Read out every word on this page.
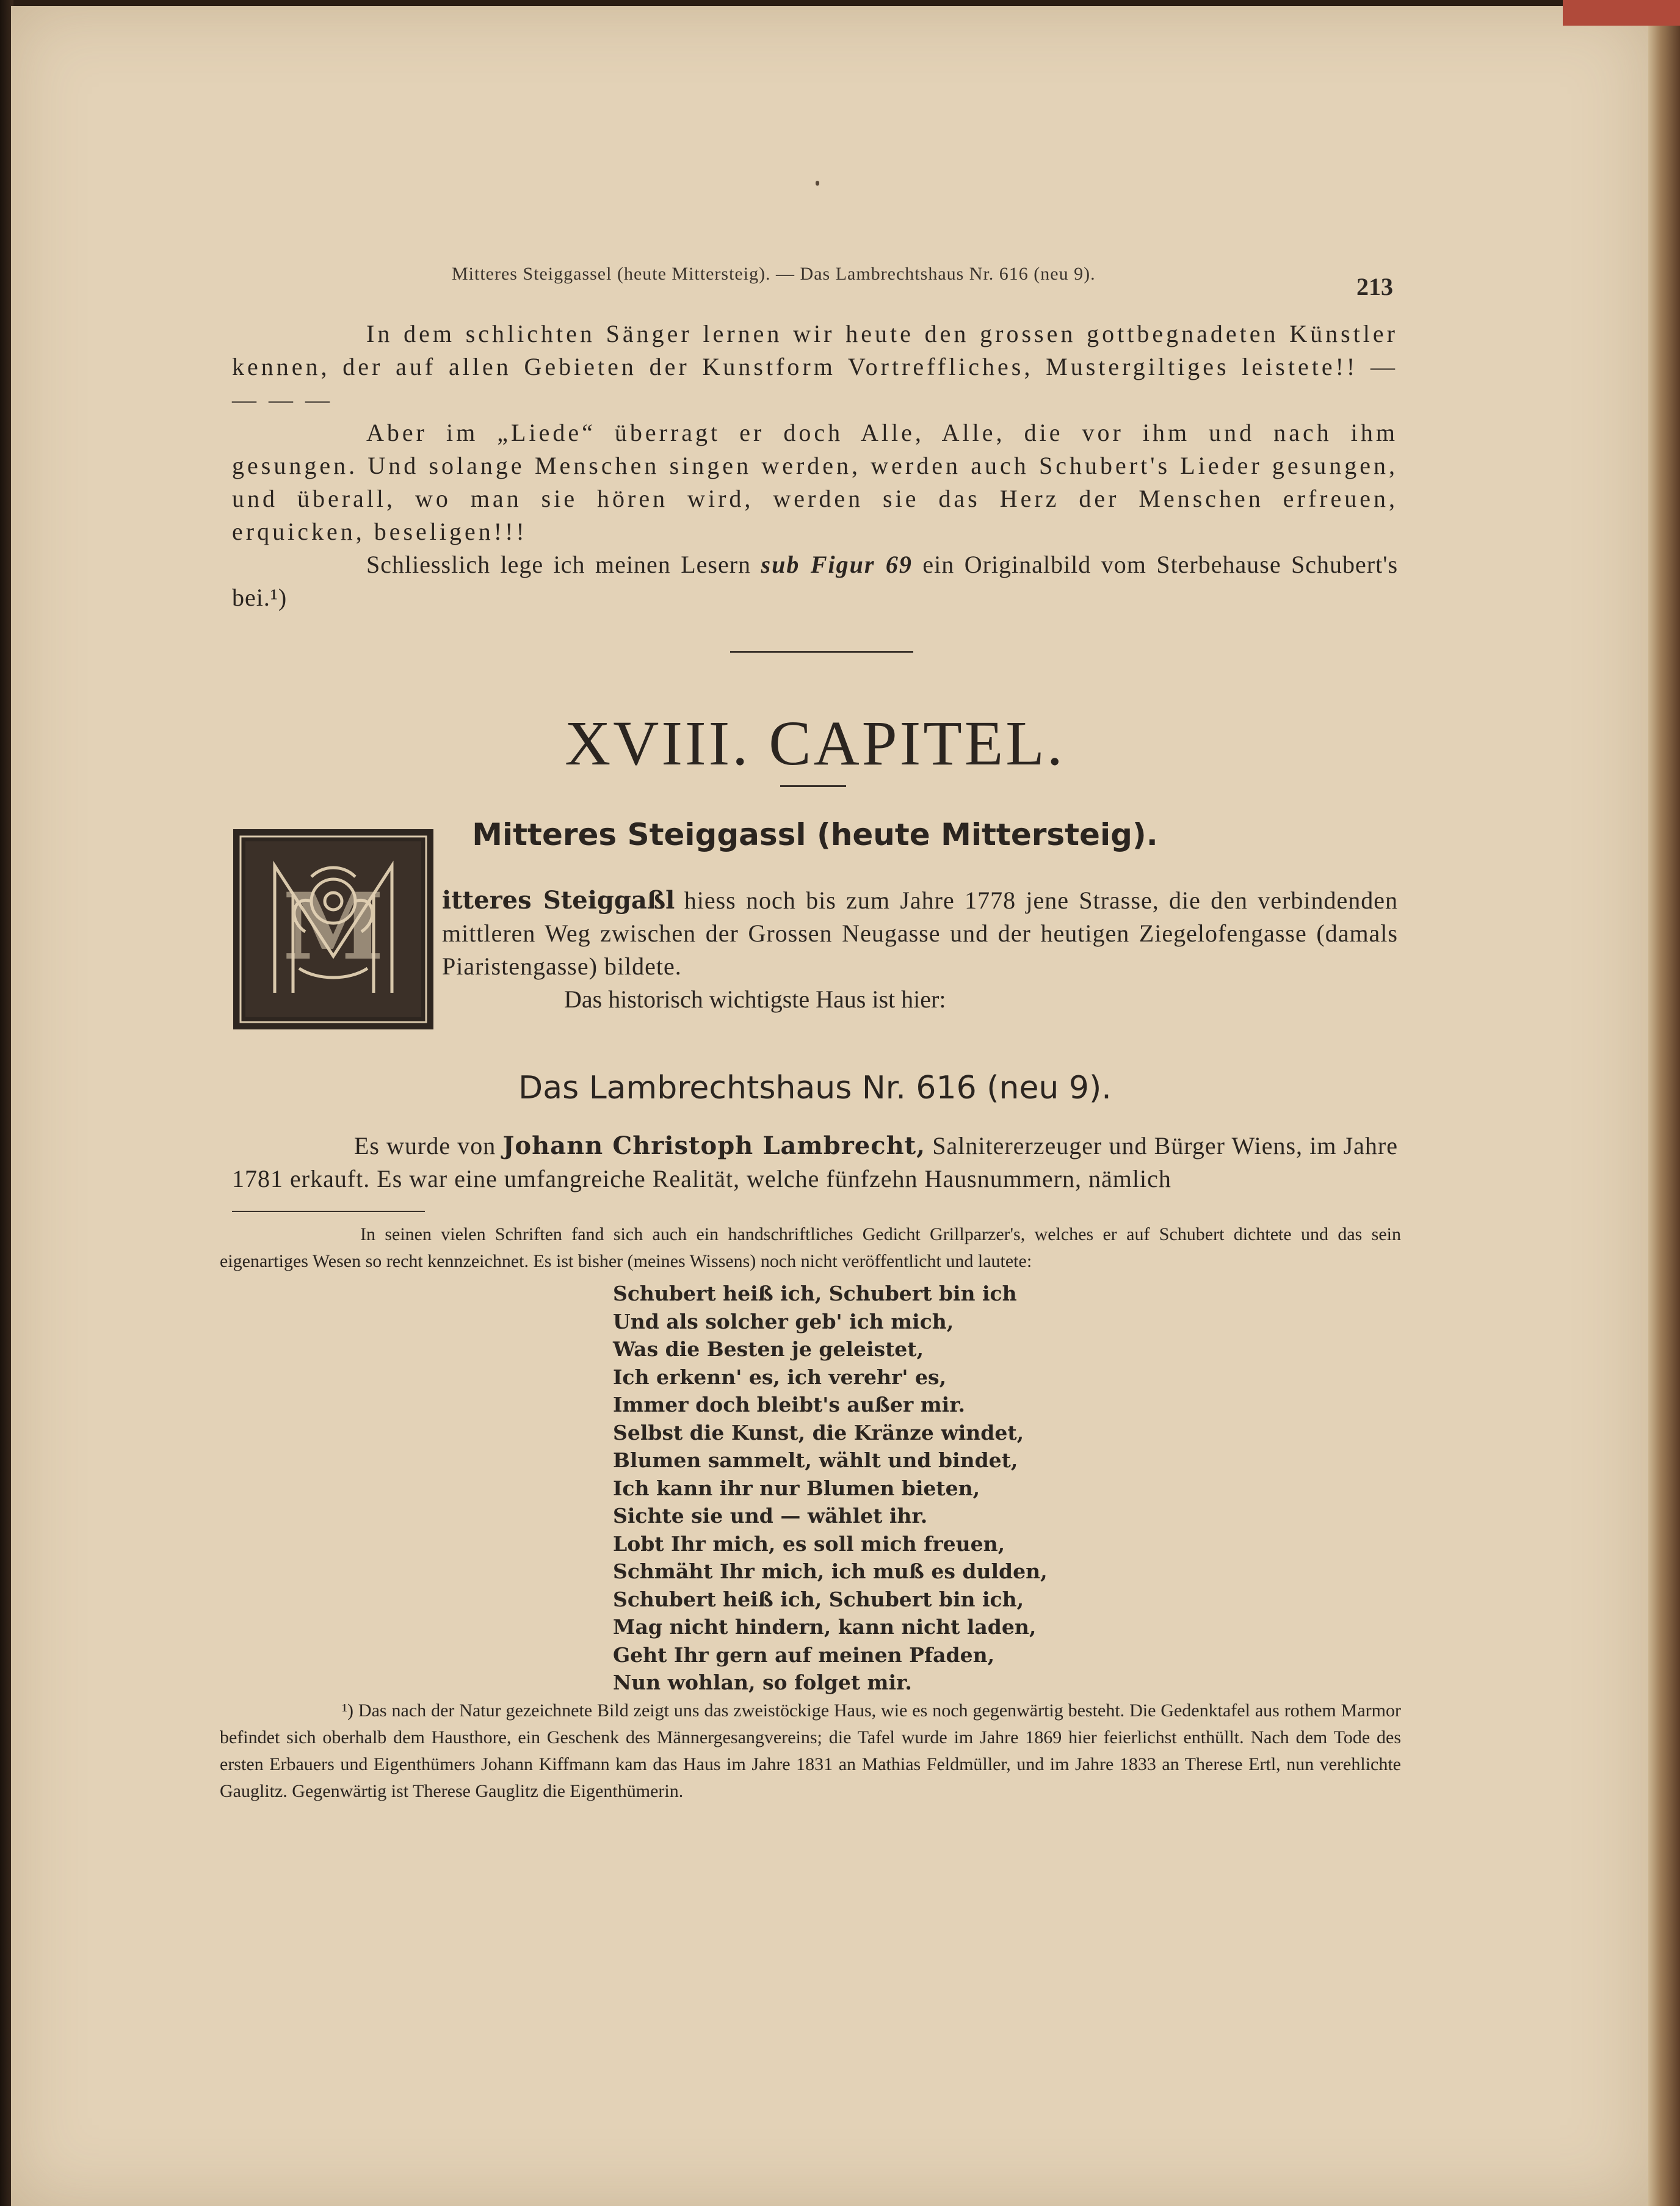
Mitteres Steiggassel (heute Mittersteig). — Das Lambrechtshaus Nr. 616 (neu 9).	213
In dem schlichten Sänger lernen wir heute den grossen gottbegnadeten Künstler kennen, der auf allen Gebieten der Kunstform Vortreffliches, Mustergiltiges leistete!! — — — —
Aber im „Liede“ überragt er doch Alle, Alle, die vor ihm und nach ihm gesungen. Und solange Menschen singen werden, werden auch Schubert's Lieder gesungen, und überall, wo man sie hören wird, werden sie das Herz der Menschen erfreuen, erquicken, beseligen!!!
Schliesslich lege ich meinen Lesern sub Figur 69 ein Originalbild vom Sterbehause Schubert's bei.¹)
XVIII. CAPITEL.
Mitteres Steiggassl (heute Mittersteig).
M itteres Steiggaßl hiess noch bis zum Jahre 1778 jene Strasse, die den verbindenden mittleren Weg zwischen der Grossen Neugasse und der heutigen Ziegelofengasse (damals Piaristengasse) bildete.
Das historisch wichtigste Haus ist hier:
Das Lambrechtshaus Nr. 616 (neu 9).
Es wurde von Johann Christoph Lambrecht, Salnitererzeuger und Bürger Wiens, im Jahre 1781 erkauft. Es war eine umfangreiche Realität, welche fünfzehn Hausnummern, nämlich
In seinen vielen Schriften fand sich auch ein handschriftliches Gedicht Grillparzer's, welches er auf Schubert dichtete und das sein eigenartiges Wesen so recht kennzeichnet. Es ist bisher (meines Wissens) noch nicht veröffentlicht und lautete:
Schubert heiß ich, Schubert bin ich
Und als solcher geb' ich mich,
Was die Besten je geleistet,
Ich erkenn' es, ich verehr' es,
Immer doch bleibt's außer mir.
Selbst die Kunst, die Kränze windet,
Blumen sammelt, wählt und bindet,
Ich kann ihr nur Blumen bieten,
Sichte sie und — wählet ihr.
Lobt Ihr mich, es soll mich freuen,
Schmäht Ihr mich, ich muß es dulden,
Schubert heiß ich, Schubert bin ich,
Mag nicht hindern, kann nicht laden,
Geht Ihr gern auf meinen Pfaden,
Nun wohlan, so folget mir.
¹) Das nach der Natur gezeichnete Bild zeigt uns das zweistöckige Haus, wie es noch gegenwärtig besteht. Die Gedenktafel aus rothem Marmor befindet sich oberhalb dem Hausthore, ein Geschenk des Männergesangvereins; die Tafel wurde im Jahre 1869 hier feierlichst enthüllt. Nach dem Tode des ersten Erbauers und Eigenthümers Johann Kiffmann kam das Haus im Jahre 1831 an Mathias Feldmüller, und im Jahre 1833 an Therese Ertl, nun verehlichte Gauglitz. Gegenwärtig ist Therese Gauglitz die Eigenthümerin.
